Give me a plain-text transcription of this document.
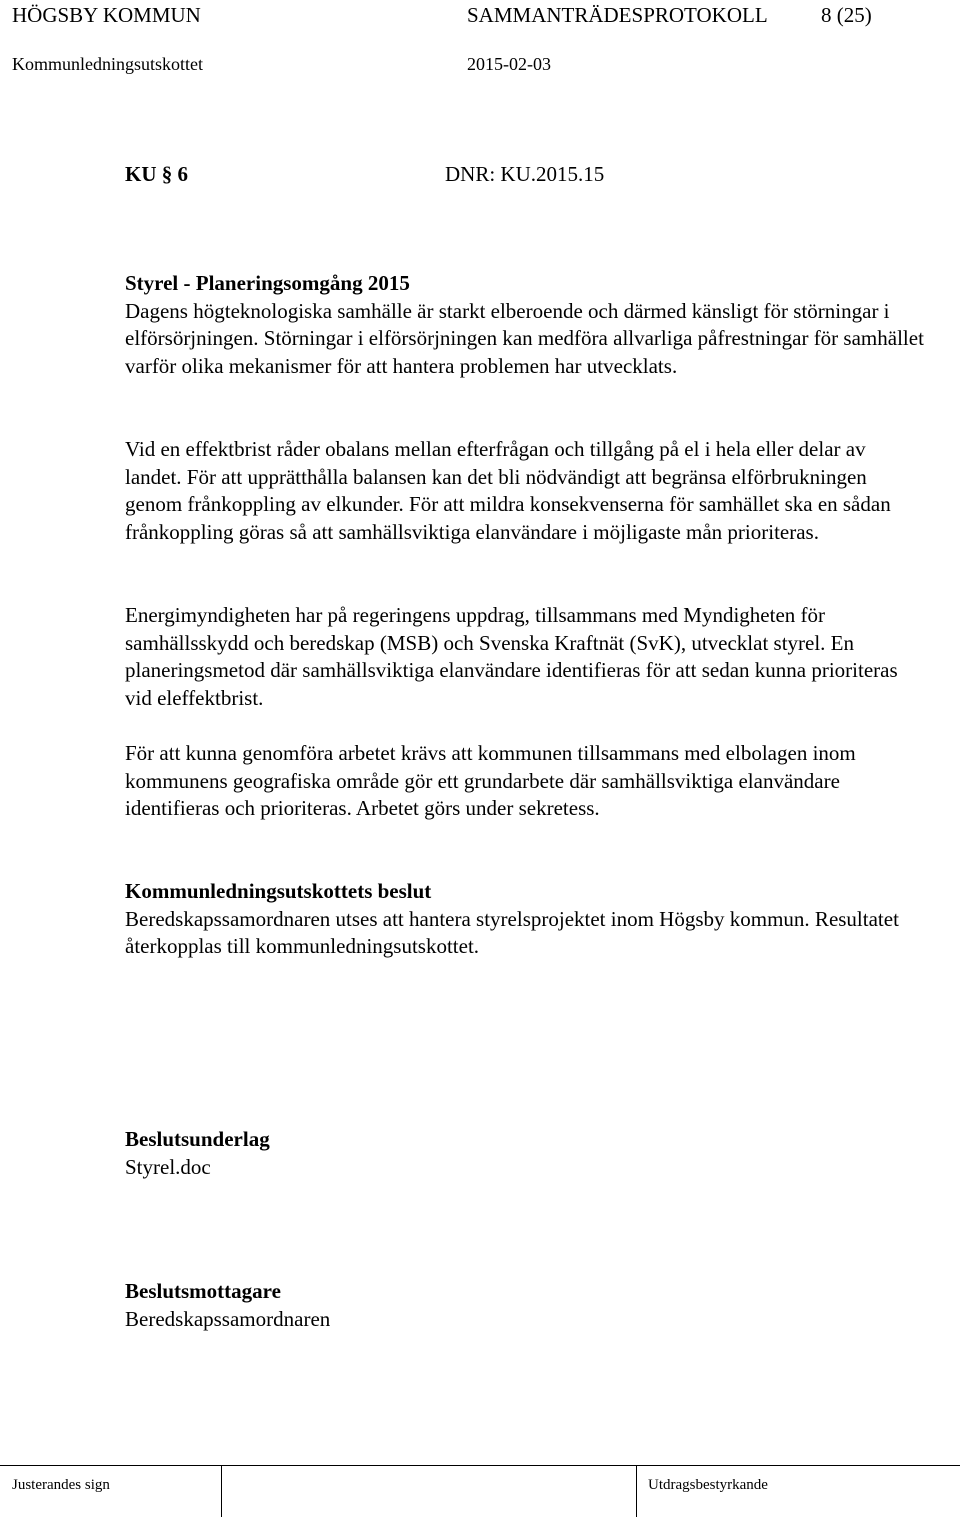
HÖGSBY KOMMUN	SAMMANTRÄDESPROTOKOLL	8 (25)
Kommunledningsutskottet	2015-02-03
KU § 6	DNR: KU.2015.15

Styrel - Planeringsomgång 2015

Dagens högteknologiska samhälle är starkt elberoende och därmed känsligt för störningar i elförsörjningen. Störningar i elförsörjningen kan medföra allvarliga påfrestningar för samhället varför olika mekanismer för att hantera problemen har utvecklats.

Vid en effektbrist råder obalans mellan efterfrågan och tillgång på el i hela eller delar av landet. För att upprätthålla balansen kan det bli nödvändigt att begränsa elförbrukningen genom frånkoppling av elkunder. För att mildra konsekvenserna för samhället ska en sådan frånkoppling göras så att samhällsviktiga elanvändare i möjligaste mån prioriteras.

Energimyndigheten har på regeringens uppdrag, tillsammans med Myndigheten för samhällsskydd och beredskap (MSB) och Svenska Kraftnät (SvK), utvecklat styrel. En planeringsmetod där samhällsviktiga elanvändare identifieras för att sedan kunna prioriteras vid eleffektbrist.

För att kunna genomföra arbetet krävs att kommunen tillsammans med elbolagen inom kommunens geografiska område gör ett grundarbete där samhällsviktiga elanvändare identifieras och prioriteras. Arbetet görs under sekretess.

Kommunledningsutskottets beslut

Beredskapssamordnaren utses att hantera styrelsprojektet inom Högsby kommun. Resultatet återkopplas till kommunledningsutskottet.

Beslutsunderlag

Styrel.doc

Beslutsmottagare

Beredskapssamordnaren

Justerandes sign	Utdragsbestyrkande
